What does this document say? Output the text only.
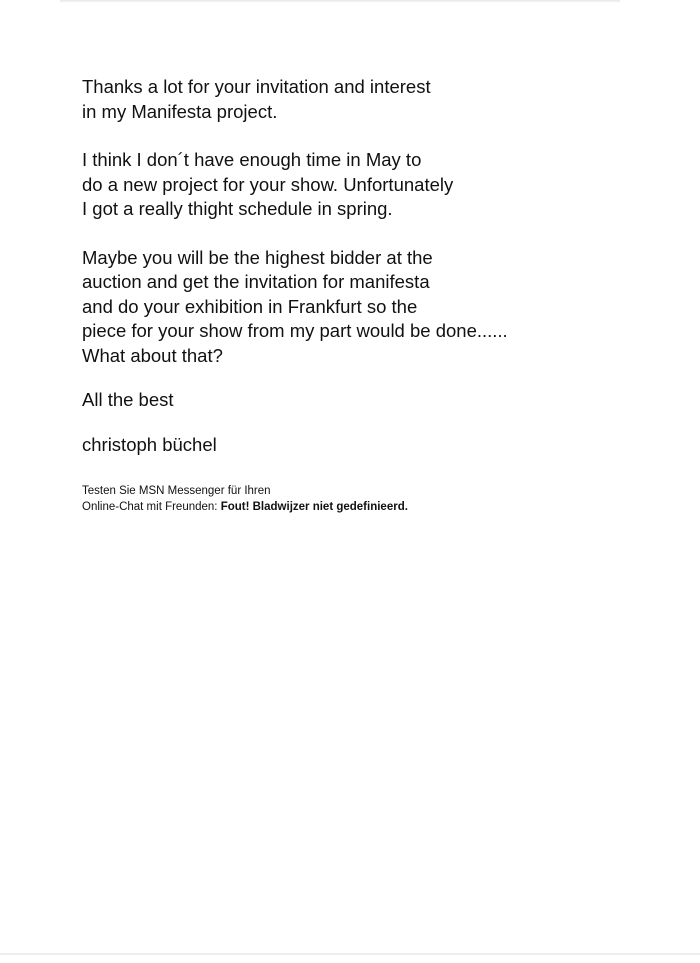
Thanks a lot for your invitation and interest
in my Manifesta project.

I think I don´t have enough time in May to
do a new project for your show. Unfortunately
I got a really thight schedule in spring.

Maybe you will be the highest bidder at the
auction and get the invitation for manifesta
and do your exhibition in Frankfurt so the
piece for your show from my part would be done......
What about that?

All the best

christoph büchel

Testen Sie MSN Messenger für Ihren
Online-Chat mit Freunden: Fout! Bladwijzer niet gedefinieerd.
